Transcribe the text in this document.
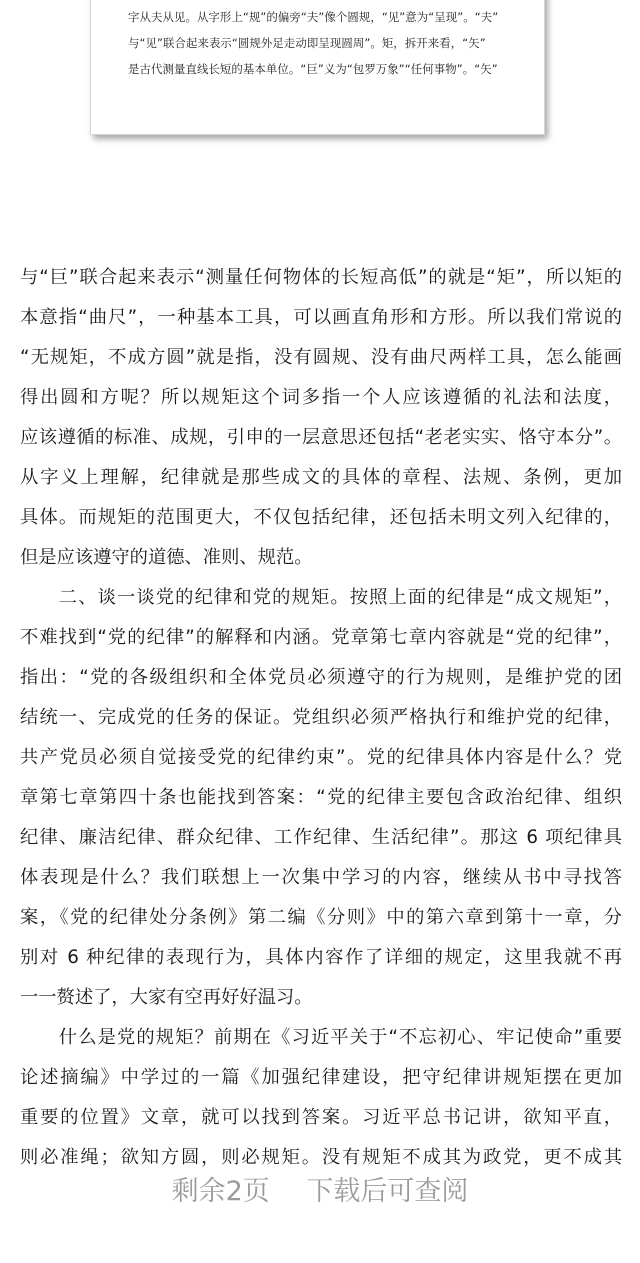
字从夫从见。从字形上“规”的偏旁“夫”像个圆规，“见”意为“呈现”。“夫”
与“见”联合起来表示“圆规外足走动即呈现圆周”。矩，拆开来看，“矢”
是古代测量直线长短的基本单位。“巨”义为“包罗万象”“任何事物”。“矢”
与“巨”联合起来表示“测量任何物体的长短高低”的就是“矩”，所以矩的
本意指“曲尺”，一种基本工具，可以画直角形和方形。所以我们常说的
“无规矩，不成方圆”就是指，没有圆规、没有曲尺两样工具，怎么能画
得出圆和方呢？所以规矩这个词多指一个人应该遵循的礼法和法度，
应该遵循的标准、成规，引申的一层意思还包括“老老实实、恪守本分”。
从字义上理解，纪律就是那些成文的具体的章程、法规、条例，更加
具体。而规矩的范围更大，不仅包括纪律，还包括未明文列入纪律的，
但是应该遵守的道德、准则、规范。
　　二、谈一谈党的纪律和党的规矩。按照上面的纪律是“成文规矩”，
不难找到“党的纪律”的解释和内涵。党章第七章内容就是“党的纪律”，
指出：“党的各级组织和全体党员必须遵守的行为规则，是维护党的团
结统一、完成党的任务的保证。党组织必须严格执行和维护党的纪律，
共产党员必须自觉接受党的纪律约束”。党的纪律具体内容是什么？党
章第七章第四十条也能找到答案：“党的纪律主要包含政治纪律、组织
纪律、廉洁纪律、群众纪律、工作纪律、生活纪律”。那这 6 项纪律具
体表现是什么？我们联想上一次集中学习的内容，继续从书中寻找答
案，《党的纪律处分条例》第二编《分则》中的第六章到第十一章，分
别对 6 种纪律的表现行为，具体内容作了详细的规定，这里我就不再
一一赘述了，大家有空再好好温习。
　　什么是党的规矩？前期在《习近平关于“不忘初心、牢记使命”重要
论述摘编》中学过的一篇《加强纪律建设，把守纪律讲规矩摆在更加
重要的位置》文章，就可以找到答案。习近平总书记讲，欲知平直，
则必准绳；欲知方圆，则必规矩。没有规矩不成其为政党，更不成其
剩余2页 下载后可查阅
